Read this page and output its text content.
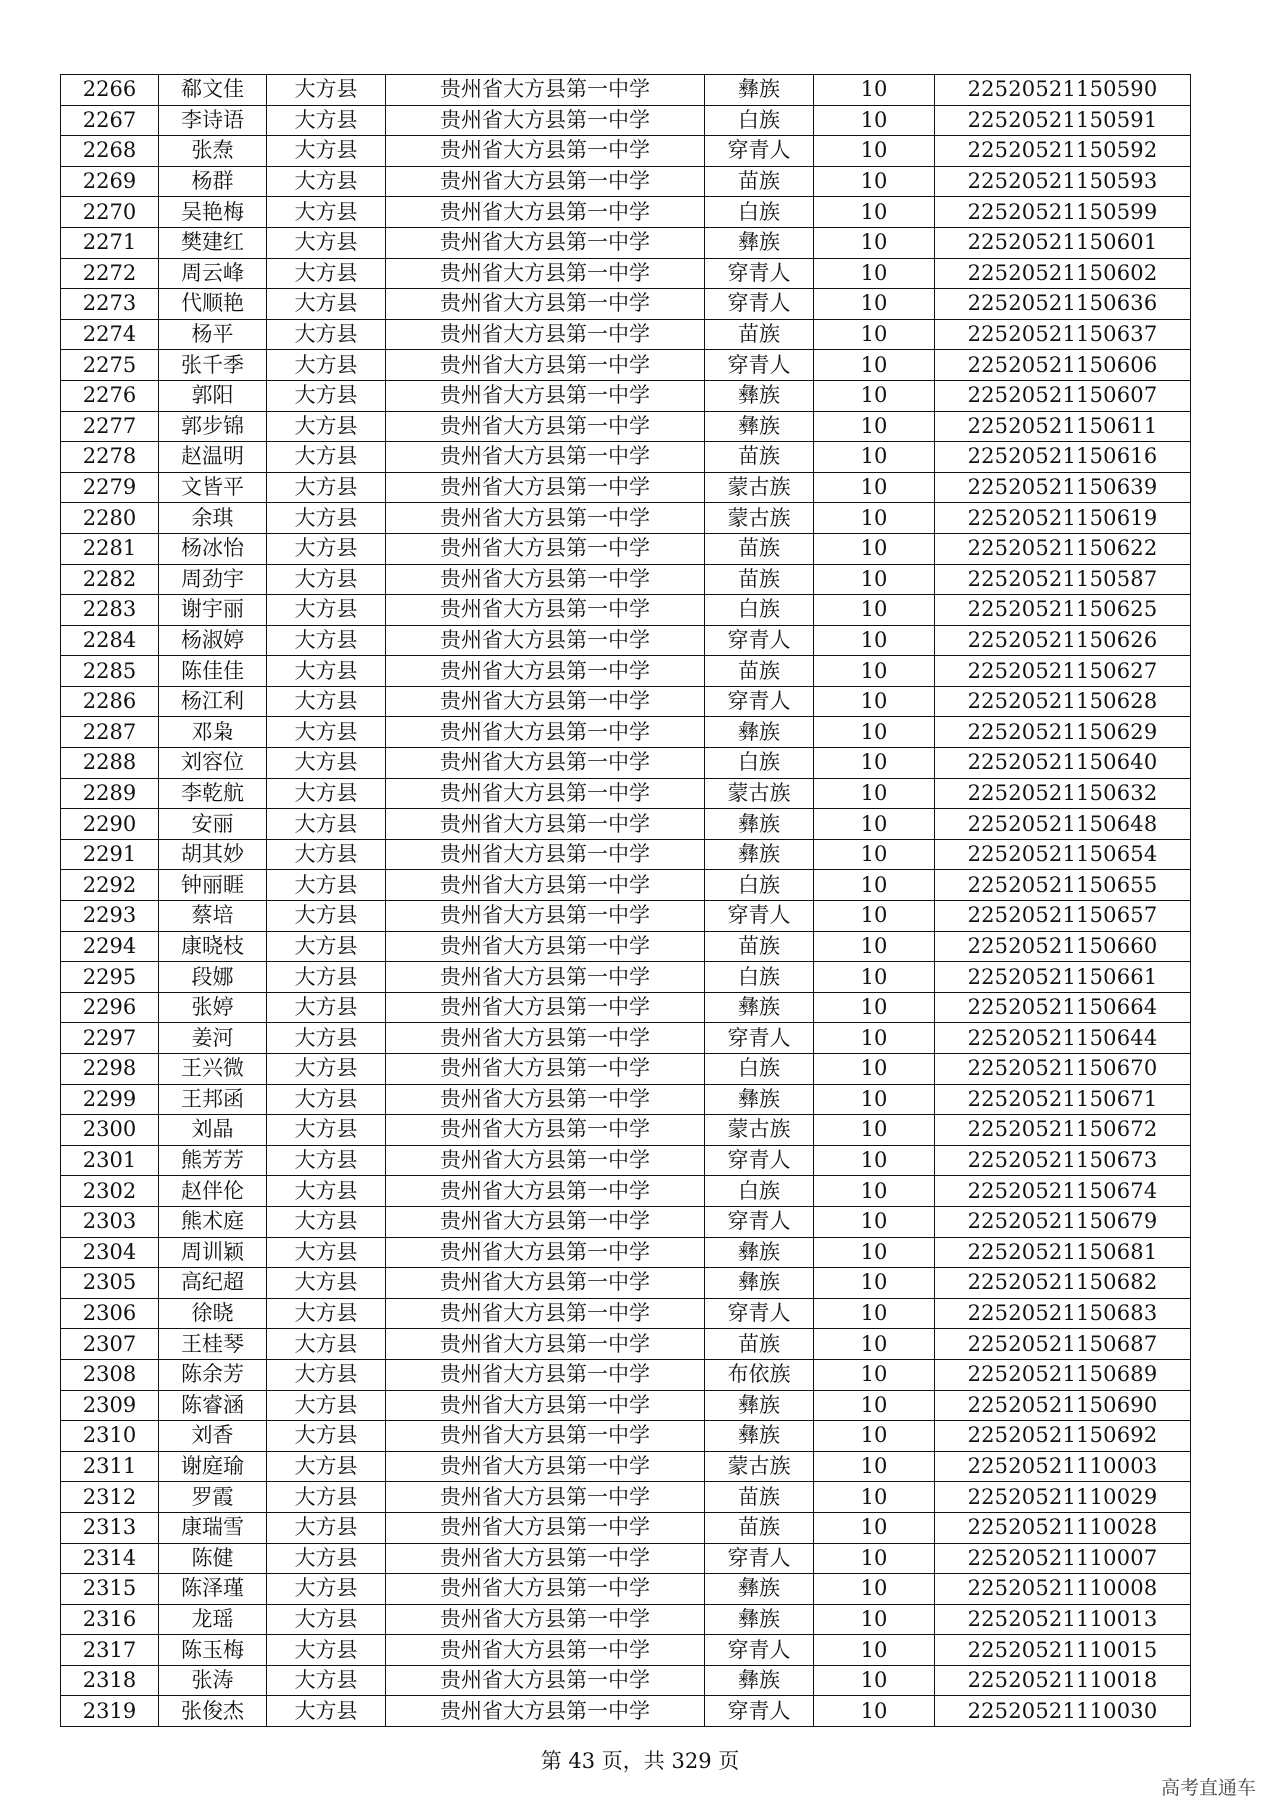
2266	郗文佳	大方县	贵州省大方县第一中学	彝族	10	22520521150590
2267	李诗语	大方县	贵州省大方县第一中学	白族	10	22520521150591
2268	张焘	大方县	贵州省大方县第一中学	穿青人	10	22520521150592
2269	杨群	大方县	贵州省大方县第一中学	苗族	10	22520521150593
2270	吴艳梅	大方县	贵州省大方县第一中学	白族	10	22520521150599
2271	樊建红	大方县	贵州省大方县第一中学	彝族	10	22520521150601
2272	周云峰	大方县	贵州省大方县第一中学	穿青人	10	22520521150602
2273	代顺艳	大方县	贵州省大方县第一中学	穿青人	10	22520521150636
2274	杨平	大方县	贵州省大方县第一中学	苗族	10	22520521150637
2275	张千季	大方县	贵州省大方县第一中学	穿青人	10	22520521150606
2276	郭阳	大方县	贵州省大方县第一中学	彝族	10	22520521150607
2277	郭步锦	大方县	贵州省大方县第一中学	彝族	10	22520521150611
2278	赵温明	大方县	贵州省大方县第一中学	苗族	10	22520521150616
2279	文皆平	大方县	贵州省大方县第一中学	蒙古族	10	22520521150639
2280	余琪	大方县	贵州省大方县第一中学	蒙古族	10	22520521150619
2281	杨冰怡	大方县	贵州省大方县第一中学	苗族	10	22520521150622
2282	周劲宇	大方县	贵州省大方县第一中学	苗族	10	22520521150587
2283	谢宇丽	大方县	贵州省大方县第一中学	白族	10	22520521150625
2284	杨淑婷	大方县	贵州省大方县第一中学	穿青人	10	22520521150626
2285	陈佳佳	大方县	贵州省大方县第一中学	苗族	10	22520521150627
2286	杨江利	大方县	贵州省大方县第一中学	穿青人	10	22520521150628
2287	邓枭	大方县	贵州省大方县第一中学	彝族	10	22520521150629
2288	刘容位	大方县	贵州省大方县第一中学	白族	10	22520521150640
2289	李乾航	大方县	贵州省大方县第一中学	蒙古族	10	22520521150632
2290	安丽	大方县	贵州省大方县第一中学	彝族	10	22520521150648
2291	胡其妙	大方县	贵州省大方县第一中学	彝族	10	22520521150654
2292	钟丽睚	大方县	贵州省大方县第一中学	白族	10	22520521150655
2293	蔡培	大方县	贵州省大方县第一中学	穿青人	10	22520521150657
2294	康晓枝	大方县	贵州省大方县第一中学	苗族	10	22520521150660
2295	段娜	大方县	贵州省大方县第一中学	白族	10	22520521150661
2296	张婷	大方县	贵州省大方县第一中学	彝族	10	22520521150664
2297	姜河	大方县	贵州省大方县第一中学	穿青人	10	22520521150644
2298	王兴微	大方县	贵州省大方县第一中学	白族	10	22520521150670
2299	王邦函	大方县	贵州省大方县第一中学	彝族	10	22520521150671
2300	刘晶	大方县	贵州省大方县第一中学	蒙古族	10	22520521150672
2301	熊芳芳	大方县	贵州省大方县第一中学	穿青人	10	22520521150673
2302	赵伴伦	大方县	贵州省大方县第一中学	白族	10	22520521150674
2303	熊术庭	大方县	贵州省大方县第一中学	穿青人	10	22520521150679
2304	周训颖	大方县	贵州省大方县第一中学	彝族	10	22520521150681
2305	高纪超	大方县	贵州省大方县第一中学	彝族	10	22520521150682
2306	徐晓	大方县	贵州省大方县第一中学	穿青人	10	22520521150683
2307	王桂琴	大方县	贵州省大方县第一中学	苗族	10	22520521150687
2308	陈余芳	大方县	贵州省大方县第一中学	布依族	10	22520521150689
2309	陈睿涵	大方县	贵州省大方县第一中学	彝族	10	22520521150690
2310	刘香	大方县	贵州省大方县第一中学	彝族	10	22520521150692
2311	谢庭瑜	大方县	贵州省大方县第一中学	蒙古族	10	22520521110003
2312	罗霞	大方县	贵州省大方县第一中学	苗族	10	22520521110029
2313	康瑞雪	大方县	贵州省大方县第一中学	苗族	10	22520521110028
2314	陈健	大方县	贵州省大方县第一中学	穿青人	10	22520521110007
2315	陈泽瑾	大方县	贵州省大方县第一中学	彝族	10	22520521110008
2316	龙瑶	大方县	贵州省大方县第一中学	彝族	10	22520521110013
2317	陈玉梅	大方县	贵州省大方县第一中学	穿青人	10	22520521110015
2318	张涛	大方县	贵州省大方县第一中学	彝族	10	22520521110018
2319	张俊杰	大方县	贵州省大方县第一中学	穿青人	10	22520521110030
第 43 页，共 329 页
高考直通车
